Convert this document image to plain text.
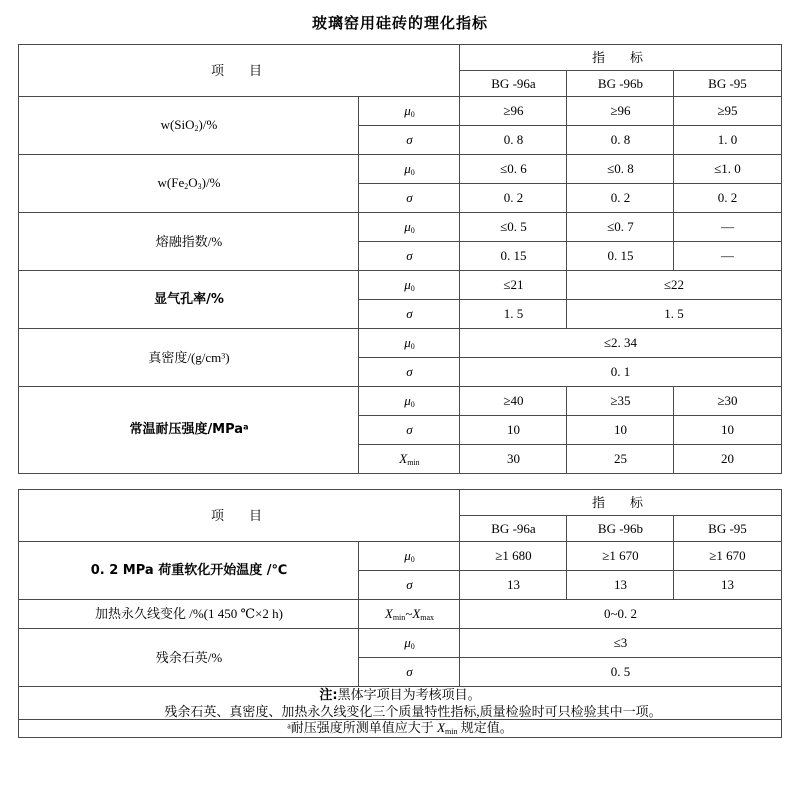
玻璃窑用硅砖的理化指标
项　目		指　标		
		BG -96a	BG -96b	BG -95
w(SiO$_2$)/%	$\mu_0$	≥96	≥96	≥95
	σ	0. 8	0. 8	1. 0
$w(Fe_2O_3)/\%$	$\mu_0$	≤0. 6	≤0. 8	≤1. 0
	σ	0. 2	0. 2	0. 2
熔融指数/%	$\mu_0$	≤0. 5	≤0. 7	—
	σ	0. 15	0. 15	—
显气孔率/%	$\mu_0$	≤21	≤22	
	σ	1. 5	1. 5	
真密度$/(g/cm^3)$	$\mu_0$	≤2. 34		
	σ	0. 1		
常温耐压强度/MPa$^a$	$\mu_0$	≥40	≥35	≥30
	σ	10	10	10
	$X_{min}$	30	25	20
项　目		指　标		
		BG -96a	BG -96b	BG -95
0. 2 MPa 荷重软化开始温度 /℃	$\mu_0$	≥1 680	≥1 670	≥1 670
	σ	13	13	13
加热永久线变化 /%(1 450 ℃×2 h)	$X_{min}\sim X_{max}$	0~0. 2		
残余石英/%	$\mu_0$	≤3		
	σ	0. 5		

注:黑体字项目为考核项目。
残余石英、真密度、加热永久线变化三个质量特性指标,质量检验时可只检验其中一项。				

$^a$耐压强度所测单值应大于 $X_{min}$ 规定值。				
